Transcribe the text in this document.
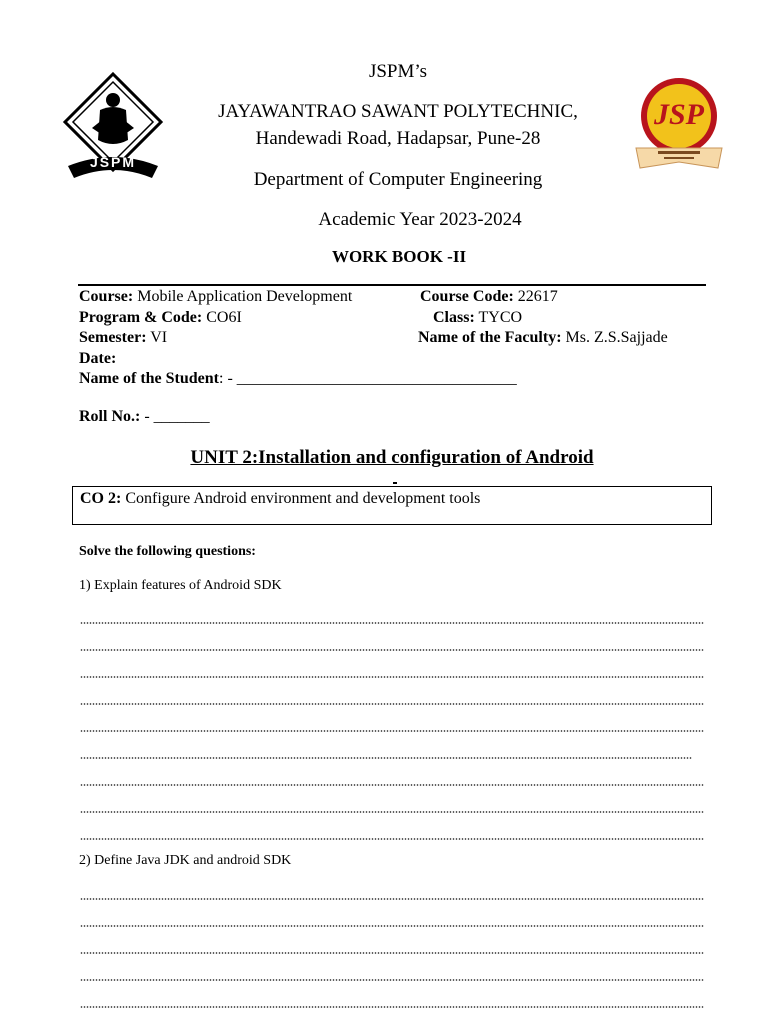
JSPM
JSP
JSPM’s
JAYAWANTRAO SAWANT POLYTECHNIC,
Handewadi Road, Hadapsar, Pune-28
Department of Computer Engineering
Academic Year 2023-2024
WORK BOOK -II
Course: Mobile Application Development	Course Code: 22617
Program & Code: CO6I	Class: TYCO
Semester: VI	Name of the Faculty: Ms. Z.S.Sajjade
Date:
Name of the Student: - ___________________________________
Roll No.: - _______
UNIT 2:Installation and configuration of Android
CO 2: Configure Android environment and development tools
Solve the following questions:
1) Explain features of Android SDK
2) Define Java JDK and android SDK
